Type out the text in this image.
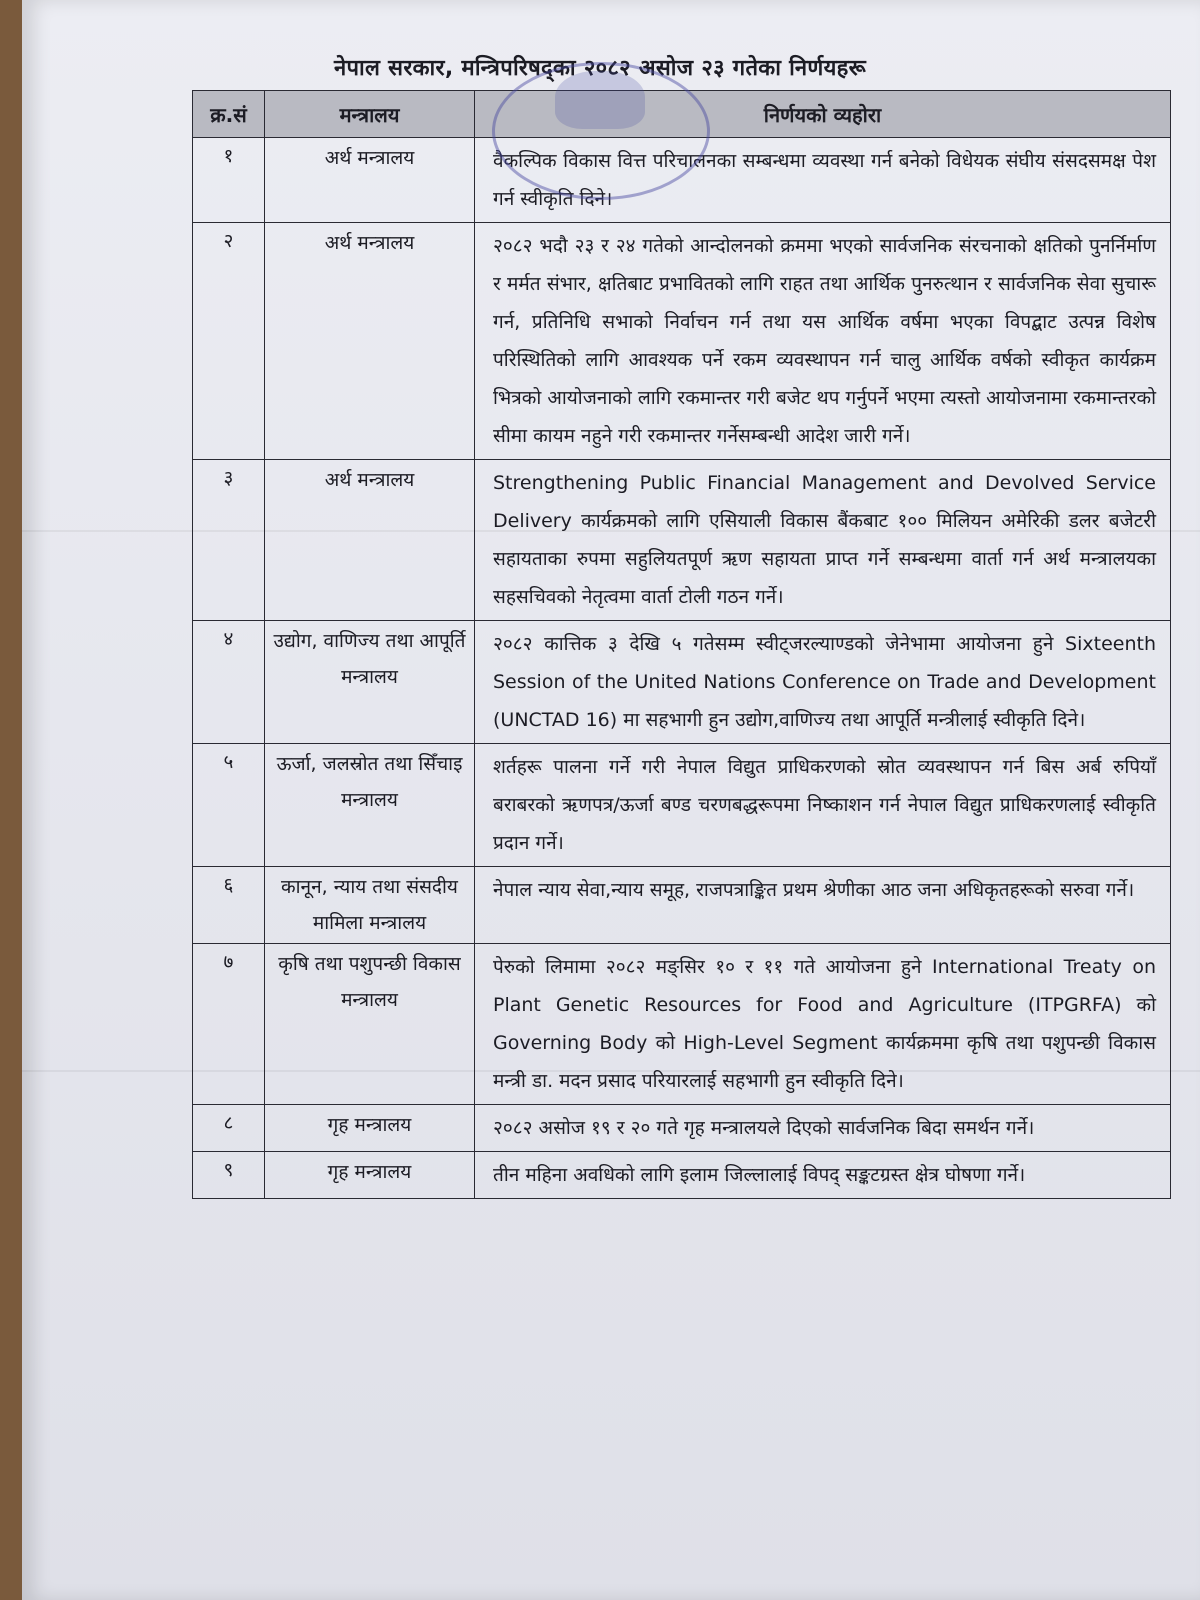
नेपाल सरकार, मन्त्रिपरिषद्का २०८२ असोज २३ गतेका निर्णयहरू
क्र.सं	मन्त्रालय	निर्णयको व्यहोरा
१	अर्थ मन्त्रालय	वैकल्पिक विकास वित्त परिचालनका सम्बन्धमा व्यवस्था गर्न बनेको विधेयक संघीय संसदसमक्ष पेश गर्न स्वीकृति दिने।
२	अर्थ मन्त्रालय	२०८२ भदौ २३ र २४ गतेको आन्दोलनको क्रममा भएको सार्वजनिक संरचनाको क्षतिको पुनर्निर्माण र मर्मत संभार, क्षतिबाट प्रभावितको लागि राहत तथा आर्थिक पुनरुत्थान र सार्वजनिक सेवा सुचारू गर्न, प्रतिनिधि सभाको निर्वाचन गर्न तथा यस आर्थिक वर्षमा भएका विपद्बाट उत्पन्न विशेष परिस्थितिको लागि आवश्यक पर्ने रकम व्यवस्थापन गर्न चालु आर्थिक वर्षको स्वीकृत कार्यक्रम भित्रको आयोजनाको लागि रकमान्तर गरी बजेट थप गर्नुपर्ने भएमा त्यस्तो आयोजनामा रकमान्तरको सीमा कायम नहुने गरी रकमान्तर गर्नेसम्बन्धी आदेश जारी गर्ने।
३	अर्थ मन्त्रालय	Strengthening Public Financial Management and Devolved Service Delivery कार्यक्रमको लागि एसियाली विकास बैंकबाट १०० मिलियन अमेरिकी डलर बजेटरी सहायताका रुपमा सहुलियतपूर्ण ऋण सहायता प्राप्त गर्ने सम्बन्धमा वार्ता गर्न अर्थ मन्त्रालयका सहसचिवको नेतृत्वमा वार्ता टोली गठन गर्ने।
४	उद्योग, वाणिज्य तथा आपूर्ति मन्त्रालय	२०८२ कात्तिक ३ देखि ५ गतेसम्म स्वीट्जरल्याण्डको जेनेभामा आयोजना हुने Sixteenth Session of the United Nations Conference on Trade and Development (UNCTAD 16) मा सहभागी हुन उद्योग,वाणिज्य तथा आपूर्ति मन्त्रीलाई स्वीकृति दिने।
५	ऊर्जा, जलस्रोत तथा सिँचाइ मन्त्रालय	शर्तहरू पालना गर्ने गरी नेपाल विद्युत प्राधिकरणको स्रोत व्यवस्थापन गर्न बिस अर्ब रुपियाँ बराबरको ऋणपत्र/ऊर्जा बण्ड चरणबद्धरूपमा निष्काशन गर्न नेपाल विद्युत प्राधिकरणलाई स्वीकृति प्रदान गर्ने।
६	कानून, न्याय तथा संसदीय मामिला मन्त्रालय	नेपाल न्याय सेवा,न्याय समूह, राजपत्राङ्कित प्रथम श्रेणीका आठ जना अधिकृतहरूको सरुवा गर्ने।
७	कृषि तथा पशुपन्छी विकास मन्त्रालय	पेरुको लिमामा २०८२ मङ्सिर १० र ११ गते आयोजना हुने International Treaty on Plant Genetic Resources for Food and Agriculture (ITPGRFA) को Governing Body को High-Level Segment कार्यक्रममा कृषि तथा पशुपन्छी विकास मन्त्री डा. मदन प्रसाद परियारलाई सहभागी हुन स्वीकृति दिने।
८	गृह मन्त्रालय	२०८२ असोज १९ र २० गते गृह मन्त्रालयले दिएको सार्वजनिक बिदा समर्थन गर्ने।
९	गृह मन्त्रालय	तीन महिना अवधिको लागि इलाम जिल्लालाई विपद् सङ्कटग्रस्त क्षेत्र घोषणा गर्ने।
